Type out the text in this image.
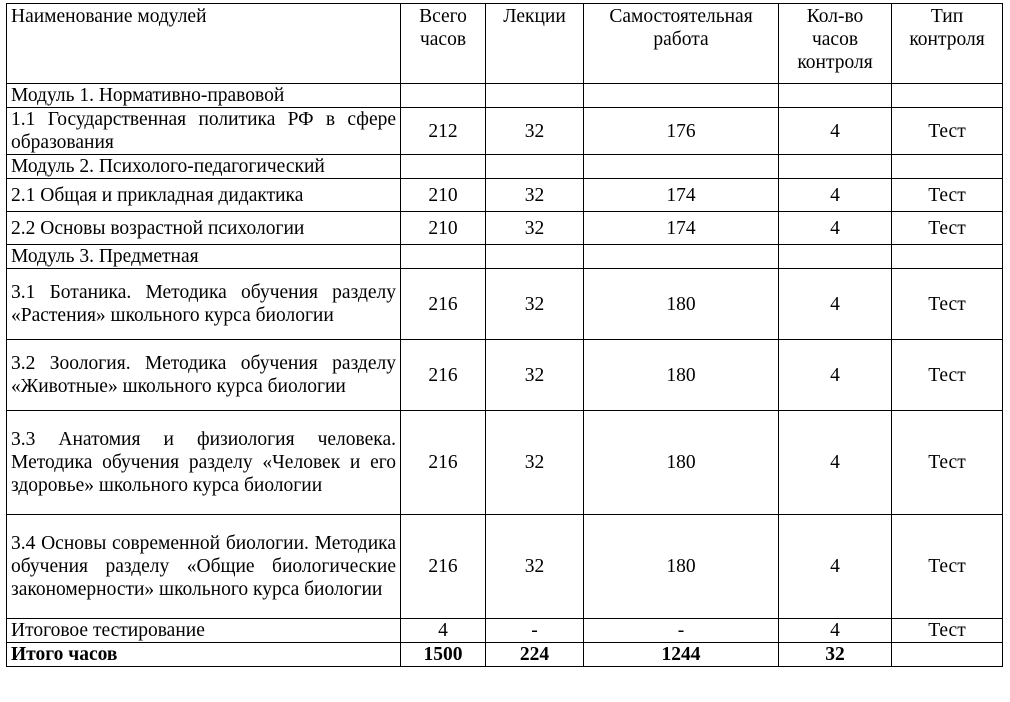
Наименование модулей	Всего часов	Лекции	Самостоятельная работа	Кол-во часов контроля	Тип контроля
Модуль 1. Нормативно-правовой					
1.1 Государственная политика РФ в сфере образования	212	32	176	4	Тест
Модуль 2. Психолого-педагогический					
2.1 Общая и прикладная дидактика	210	32	174	4	Тест
2.2 Основы возрастной психологии	210	32	174	4	Тест
Модуль 3. Предметная					
3.1 Ботаника. Методика обучения разделу «Растения» школьного курса биологии	216	32	180	4	Тест
3.2 Зоология. Методика обучения разделу «Животные» школьного курса биологии	216	32	180	4	Тест
3.3 Анатомия и физиология человека. Методика обучения разделу «Человек и его здоровье» школьного курса биологии	216	32	180	4	Тест
3.4 Основы современной биологии. Методика обучения разделу «Общие биологические закономерности» школьного курса биологии	216	32	180	4	Тест
Итоговое тестирование	4	-	-	4	Тест
Итого часов	1500	224	1244	32	
